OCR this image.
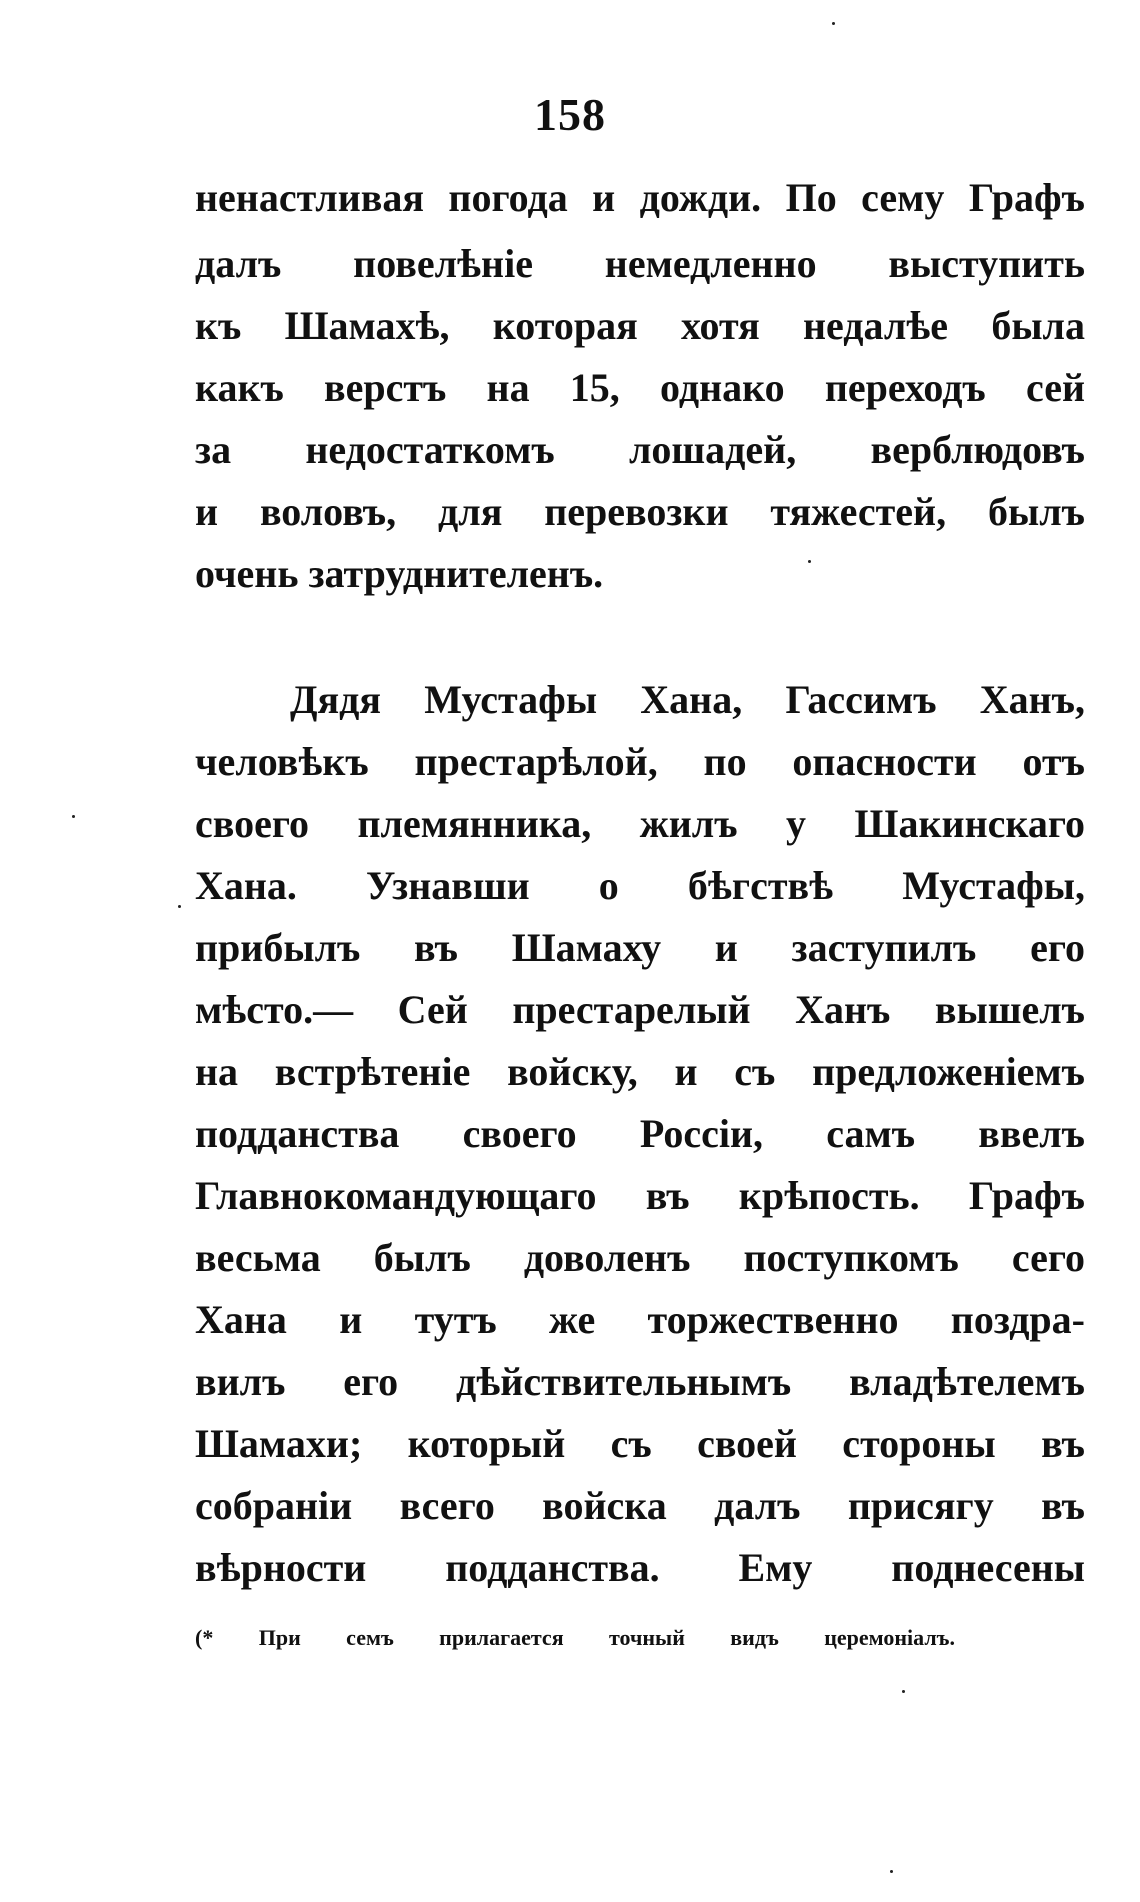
158
ненастливая погода и дожди. По сему Графъ
далъ повелѣніе немедленно выступить
къ Шамахѣ, которая хотя недалѣе была
какъ верстъ на 15, однако переходъ сей
за недостаткомъ лошадей, верблюдовъ
и воловъ, для перевозки тяжестей, былъ
очень затруднителенъ.
Дядя Мустафы Хана, Гассимъ Ханъ,
человѣкъ престарѣлой, по опасности отъ
своего племянника, жилъ у Шакинскаго
Хана. Узнавши о бѣгствѣ Мустафы,
прибылъ въ Шамаху и заступилъ его
мѣсто.— Сей престарелый Ханъ вышелъ
на встрѣтеніе войску, и съ предложеніемъ
подданства своего Россіи, самъ ввелъ
Главнокомандующаго въ крѣпость. Графъ
весьма былъ доволенъ поступкомъ сего
Хана и тутъ же торжественно поздра-
вилъ его дѣйствительнымъ владѣтелемъ
Шамахи; который съ своей стороны въ
собраніи всего войска далъ присягу въ
вѣрности подданства. Ему поднесены
(* При семъ прилагается точный видъ церемоніалъ.
